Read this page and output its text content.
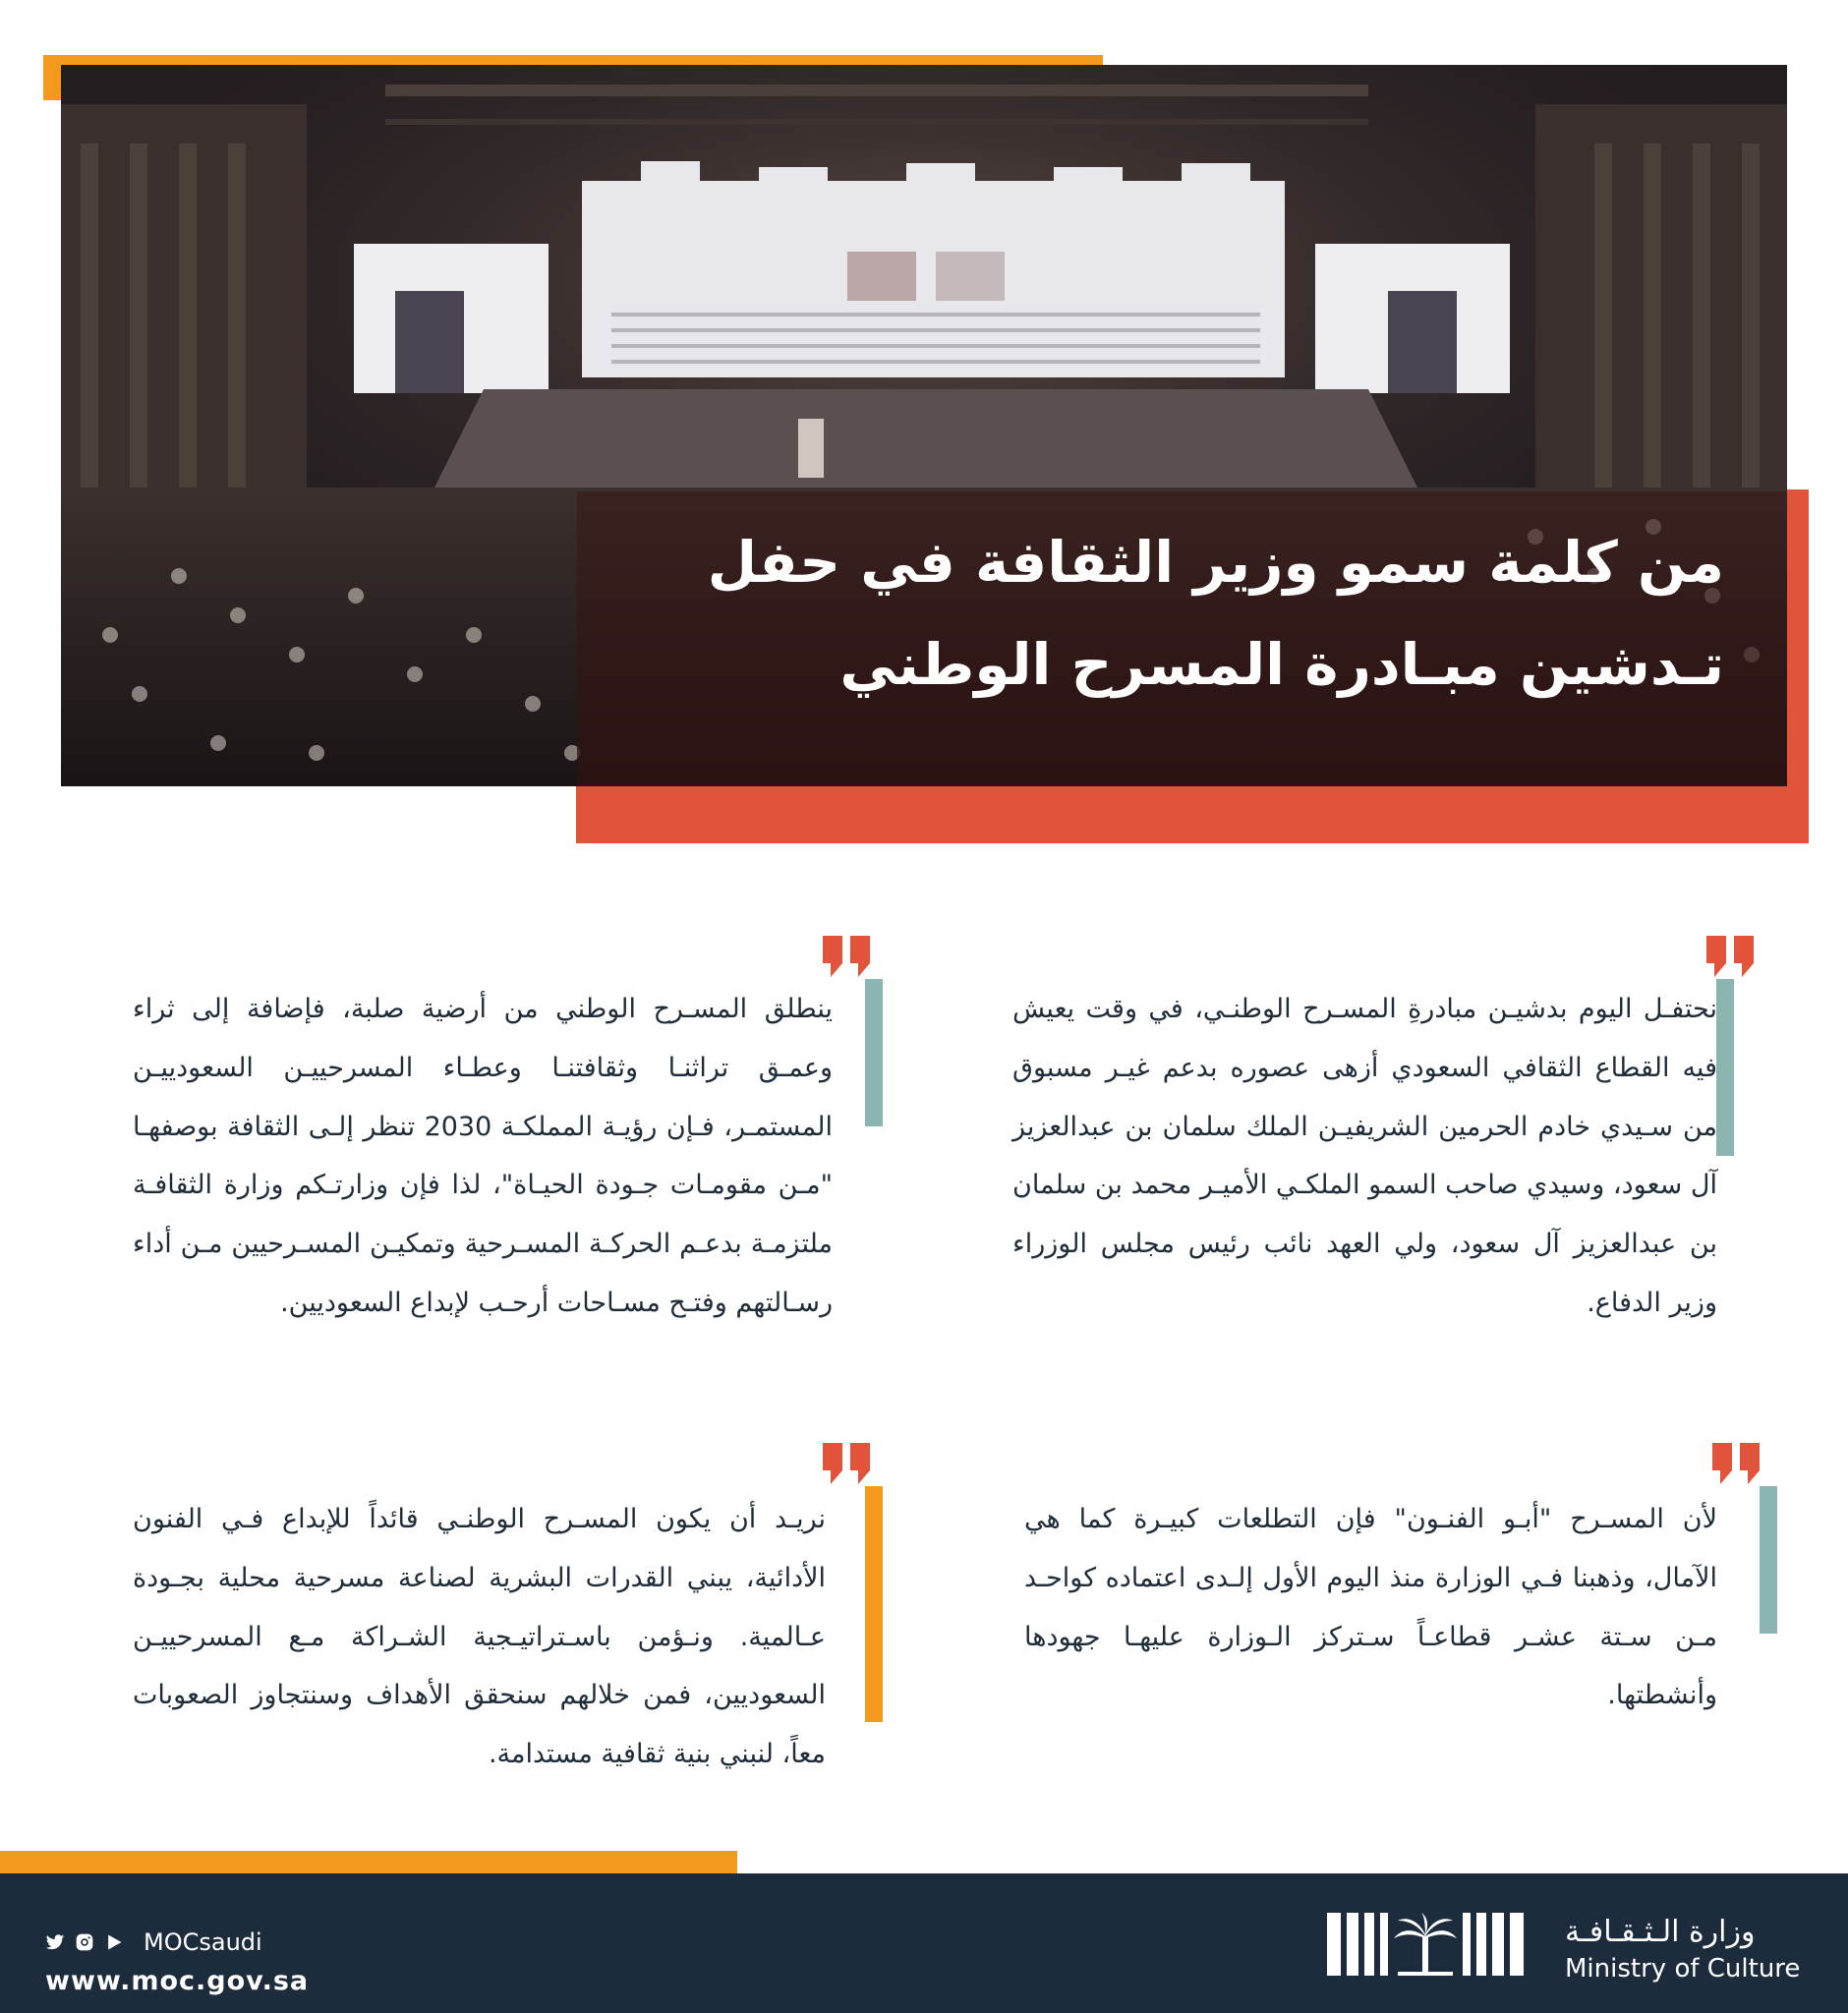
من كلمة سمو وزير الثقافة في حفل
تـدشين مبـادرة المسرح الوطني

نحتفـل اليوم بدشيـن مبادرةِ المسـرح الوطنـي، في وقت يعيش فيه القطاع الثقافي السعودي أزهى عصوره بدعم غيـر مسبوق من سـيدي خادم الحرمين الشريفيـن الملك سلمان بن عبدالعزيز آل سعود، وسيدي صاحب السمو الملكـي الأميـر محمد بن سلمان بن عبدالعزيز آل سعود، ولي العهد نائب رئيس مجلس الوزراء وزير الدفاع.

ينطلق المسـرح الوطني من أرضية صلبة، فإضافة إلى ثراء وعمـق تراثنـا وثقافتنـا وعطـاء المسرحييـن السعودييـن المستمـر، فـإن رؤيـة المملكـة 2030 تنظر إلـى الثقافة بوصفهـا "مـن مقومـات جـودة الحيـاة"، لذا فإن وزارتـكم وزارة الثقافـة ملتزمـة بدعـم الحركـة المسـرحية وتمكيـن المسـرحيين مـن أداء رسـالتهم وفتـح مسـاحات أرحـب لإبداع السعوديين.

لأن المسـرح "أبـو الفنـون" فإن التطلعات كبيـرة كما هي الآمال، وذهبنا فـي الوزارة منذ اليوم الأول إلـدى اعتماده كواحـد مـن سـتة عشـر قطاعـاً سـتركز الـوزارة عليهـا جهودها وأنشطتها.

نريـد أن يكون المسـرح الوطنـي قائداً للإبداع فـي الفنون الأدائية، يبني القدرات البشرية لصناعة مسرحية محلية بجـودة عـالمية. ونـؤمن باسـتراتيـجية الشـراكة مـع المسرحييـن السعوديين، فمن خلالهم سنحقق الأهداف وسنتجاوز الصعوبات معاً، لنبني بنية ثقافية مستدامة.

MOCsaudi
www.moc.gov.sa
وزارة الـثـقـافـة
Ministry of Culture
